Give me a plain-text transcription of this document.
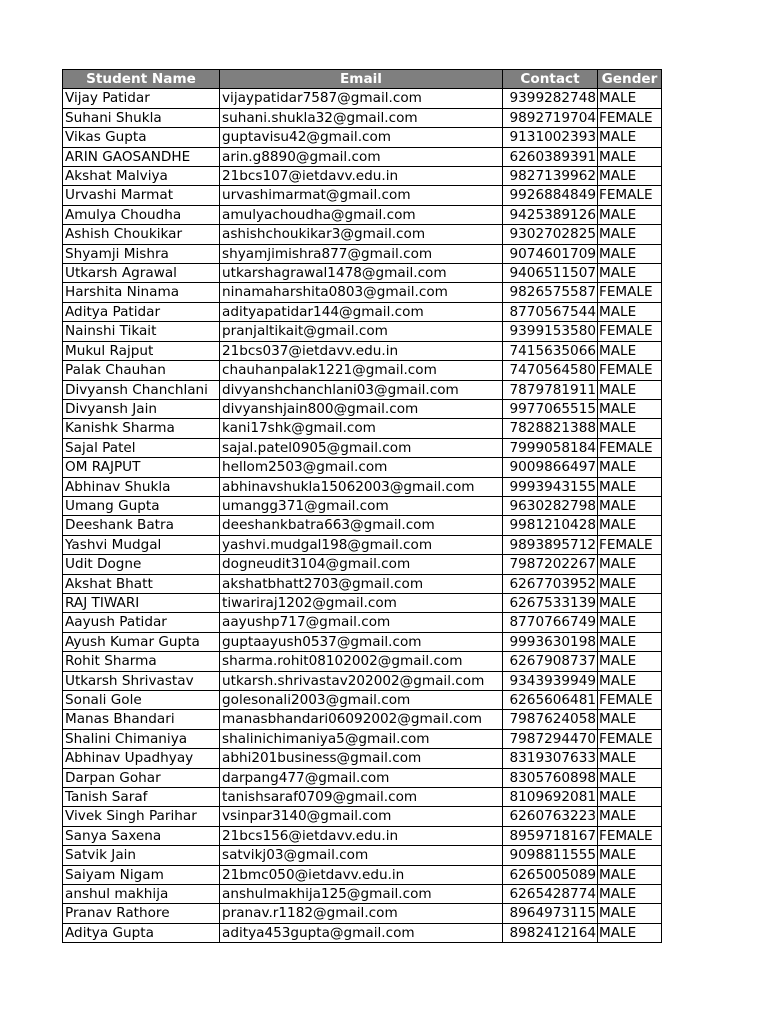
Student Name	Email	Contact	Gender
Vijay Patidar	vijaypatidar7587@gmail.com	9399282748	MALE
Suhani Shukla	suhani.shukla32@gmail.com	9892719704	FEMALE
Vikas Gupta	guptavisu42@gmail.com	9131002393	MALE
ARIN GAOSANDHE	arin.g8890@gmail.com	6260389391	MALE
Akshat Malviya	21bcs107@ietdavv.edu.in	9827139962	MALE
Urvashi Marmat	urvashimarmat@gmail.com	9926884849	FEMALE
Amulya Choudha	amulyachoudha@gmail.com	9425389126	MALE
Ashish Choukikar	ashishchoukikar3@gmail.com	9302702825	MALE
Shyamji Mishra	shyamjimishra877@gmail.com	9074601709	MALE
Utkarsh Agrawal	utkarshagrawal1478@gmail.com	9406511507	MALE
Harshita Ninama	ninamaharshita0803@gmail.com	9826575587	FEMALE
Aditya Patidar	adityapatidar144@gmail.com	8770567544	MALE
Nainshi Tikait	pranjaltikait@gmail.com	9399153580	FEMALE
Mukul Rajput	21bcs037@ietdavv.edu.in	7415635066	MALE
Palak Chauhan	chauhanpalak1221@gmail.com	7470564580	FEMALE
Divyansh Chanchlani	divyanshchanchlani03@gmail.com	7879781911	MALE
Divyansh Jain	divyanshjain800@gmail.com	9977065515	MALE
Kanishk Sharma	kani17shk@gmail.com	7828821388	MALE
Sajal Patel	sajal.patel0905@gmail.com	7999058184	FEMALE
OM RAJPUT	hellom2503@gmail.com	9009866497	MALE
Abhinav Shukla	abhinavshukla15062003@gmail.com	9993943155	MALE
Umang Gupta	umangg371@gmail.com	9630282798	MALE
Deeshank Batra	deeshankbatra663@gmail.com	9981210428	MALE
Yashvi Mudgal	yashvi.mudgal198@gmail.com	9893895712	FEMALE
Udit Dogne	dogneudit3104@gmail.com	7987202267	MALE
Akshat Bhatt	akshatbhatt2703@gmail.com	6267703952	MALE
RAJ TIWARI	tiwariraj1202@gmail.com	6267533139	MALE
Aayush Patidar	aayushp717@gmail.com	8770766749	MALE
Ayush Kumar Gupta	guptaayush0537@gmail.com	9993630198	MALE
Rohit Sharma	sharma.rohit08102002@gmail.com	6267908737	MALE
Utkarsh Shrivastav	utkarsh.shrivastav202002@gmail.com	9343939949	MALE
Sonali Gole	golesonali2003@gmail.com	6265606481	FEMALE
Manas Bhandari	manasbhandari06092002@gmail.com	7987624058	MALE
Shalini Chimaniya	shalinichimaniya5@gmail.com	7987294470	FEMALE
Abhinav Upadhyay	abhi201business@gmail.com	8319307633	MALE
Darpan Gohar	darpang477@gmail.com	8305760898	MALE
Tanish Saraf	tanishsaraf0709@gmail.com	8109692081	MALE
Vivek Singh Parihar	vsinpar3140@gmail.com	6260763223	MALE
Sanya Saxena	21bcs156@ietdavv.edu.in	8959718167	FEMALE
Satvik Jain	satvikj03@gmail.com	9098811555	MALE
Saiyam Nigam	21bmc050@ietdavv.edu.in	6265005089	MALE
anshul makhija	anshulmakhija125@gmail.com	6265428774	MALE
Pranav Rathore	pranav.r1182@gmail.com	8964973115	MALE
Aditya Gupta	aditya453gupta@gmail.com	8982412164	MALE
